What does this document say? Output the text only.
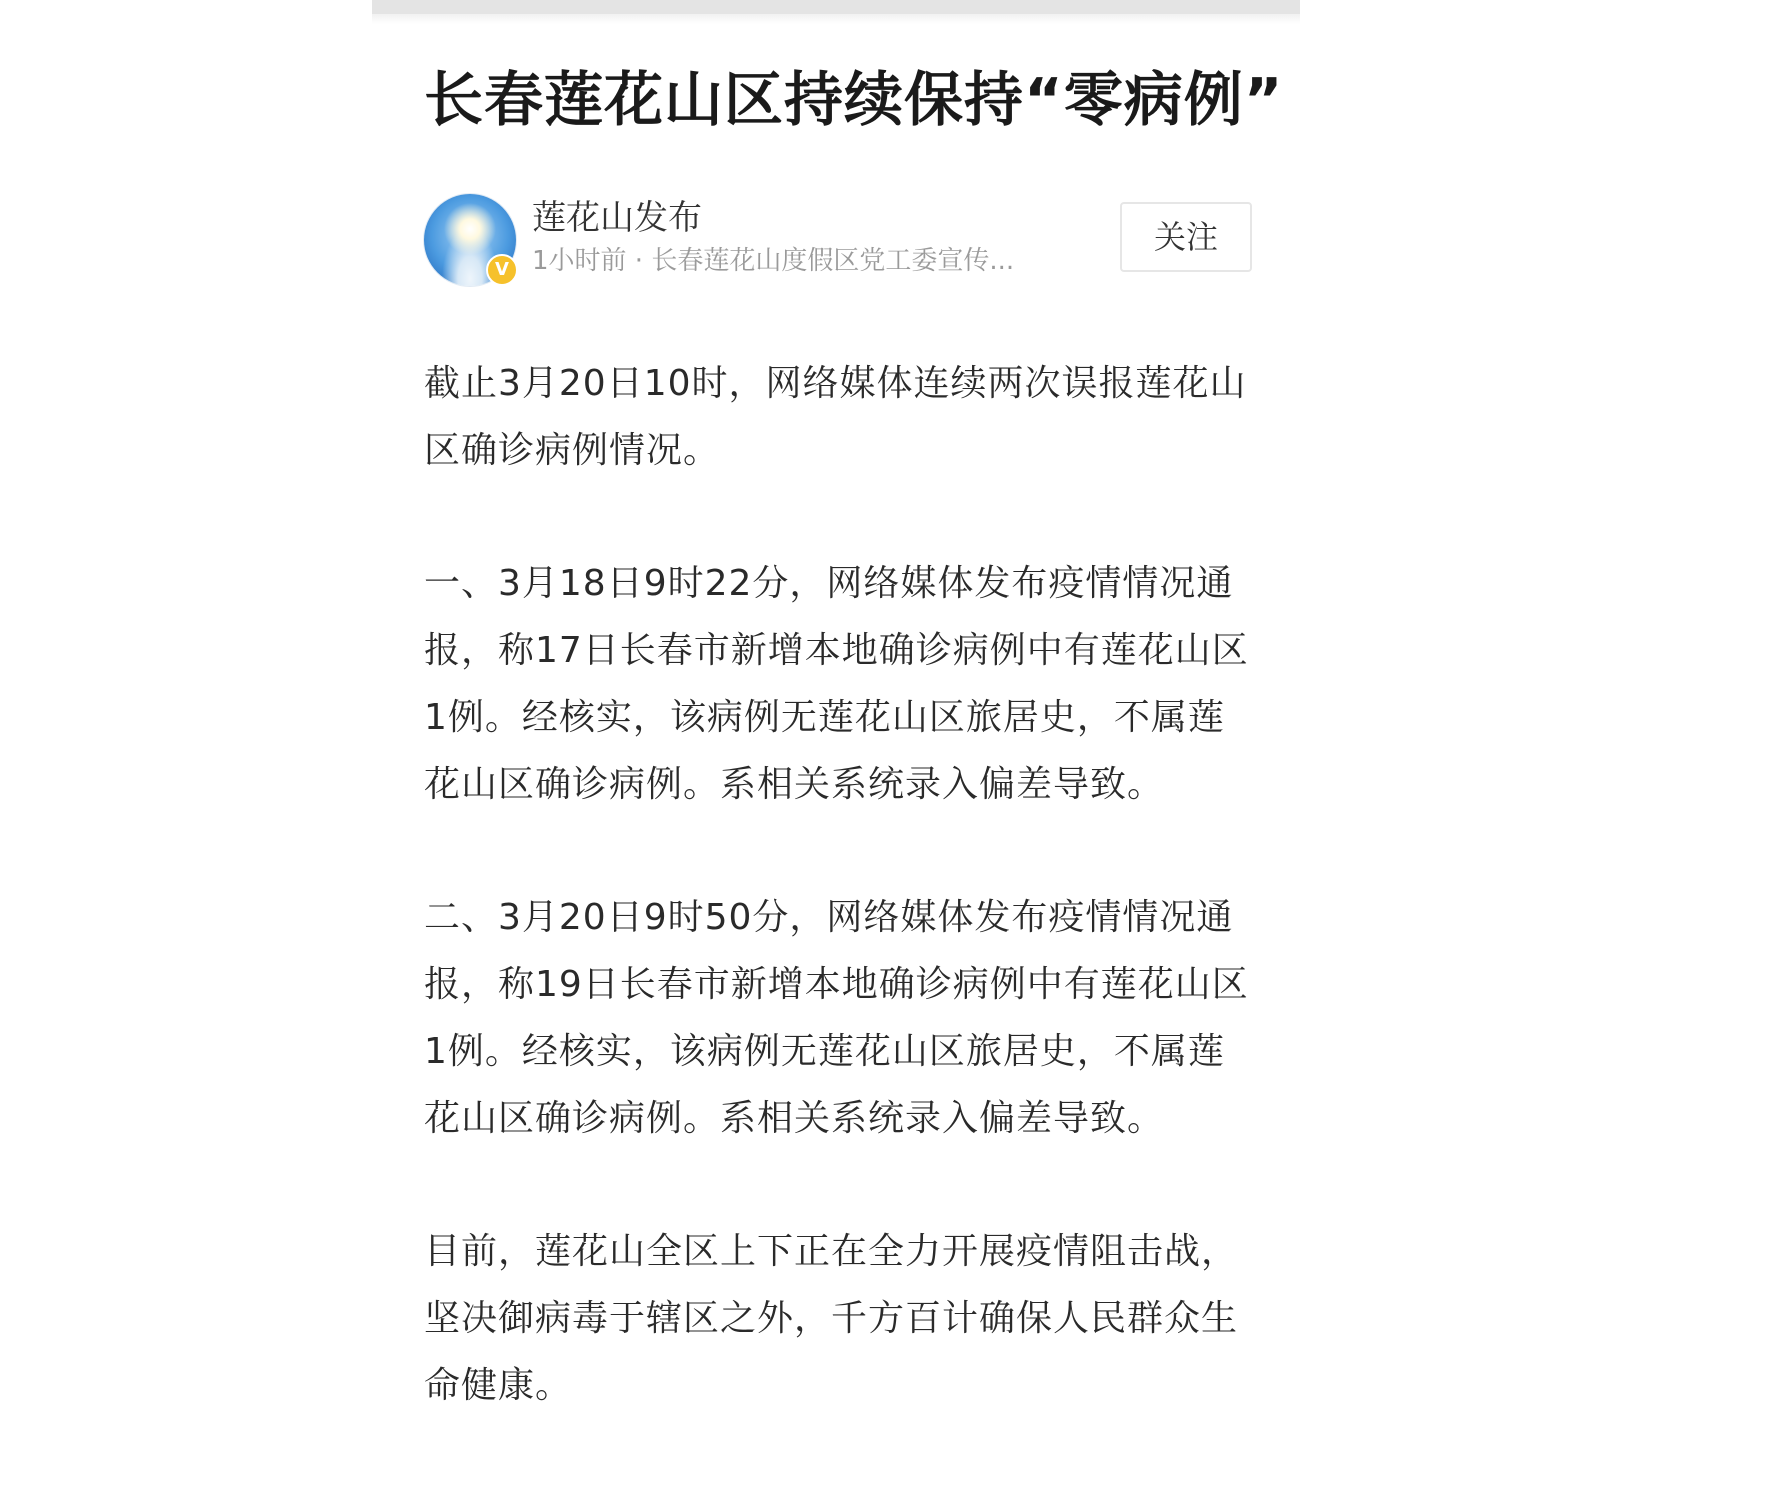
长春莲花山区持续保持“零病例”
V
莲花山发布
1小时前 · 长春莲花山度假区党工委宣传...
关注

截止3月20日10时，网络媒体连续两次误报莲花山区确诊病例情况。

一、3月18日9时22分，网络媒体发布疫情情况通报，称17日长春市新增本地确诊病例中有莲花山区1例。经核实，该病例无莲花山区旅居史，不属莲花山区确诊病例。系相关系统录入偏差导致。

二、3月20日9时50分，网络媒体发布疫情情况通报，称19日长春市新增本地确诊病例中有莲花山区1例。经核实，该病例无莲花山区旅居史，不属莲花山区确诊病例。系相关系统录入偏差导致。

目前，莲花山全区上下正在全力开展疫情阻击战，坚决御病毒于辖区之外，千方百计确保人民群众生命健康。
